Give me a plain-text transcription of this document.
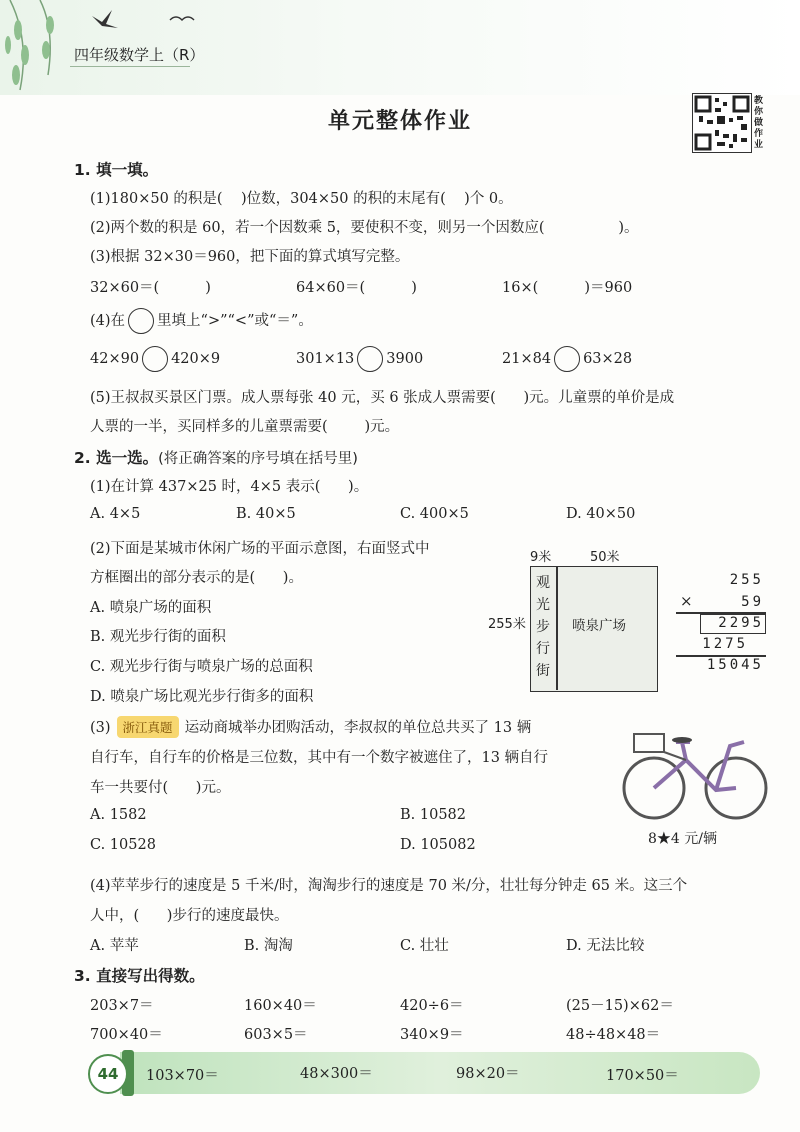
四年级数学上（R）
单元整体作业
教你做作业
1. 填一填。
(1)180×50 的积是(    )位数，304×50 的积的末尾有(    )个 0。
(2)两个数的积是 60，若一个因数乘 5，要使积不变，则另一个因数应(                )。
(3)根据 32×30＝960，把下面的算式填写完整。
32×60＝(          )	64×60＝(          )	16×(          )＝960
(4)在 里填上“>”“<”或“＝”。
42×90 420×9	301×13 3900	21×84 63×28
(5)王叔叔买景区门票。成人票每张 40 元，买 6 张成人票需要(      )元。儿童票的单价是成
人票的一半，买同样多的儿童票需要(        )元。
2. 选一选。(将正确答案的序号填在括号里)
(1)在计算 437×25 时，4×5 表示(      )。
A. 4×5	B. 40×5	C. 400×5	D. 40×50
(2)下面是某城市休闲广场的平面示意图，右面竖式中
方框圈出的部分表示的是(      )。
A. 喷泉广场的面积
B. 观光步行街的面积
C. 观光步行街与喷泉广场的总面积
D. 喷泉广场比观光步行街多的面积
9米	50米
255米
观
光
步
行
街
喷泉广场
255
×	59
2295
1275
15045
(3) 浙江真题 运动商城举办团购活动，李叔叔的单位总共买了 13 辆
自行车，自行车的价格是三位数，其中有一个数字被遮住了，13 辆自行
车一共要付(      )元。
A. 1582	B. 10582
C. 10528	D. 105082	8★4 元/辆
(4)苹苹步行的速度是 5 千米/时，淘淘步行的速度是 70 米/分，壮壮每分钟走 65 米。这三个
人中，(      )步行的速度最快。
A. 苹苹	B. 淘淘	C. 壮壮	D. 无法比较
3. 直接写出得数。
203×7＝	160×40＝	420÷6＝	(25－15)×62＝
700×40＝	603×5＝	340×9＝	48÷48×48＝
44	103×70＝	48×300＝	98×20＝	170×50＝
